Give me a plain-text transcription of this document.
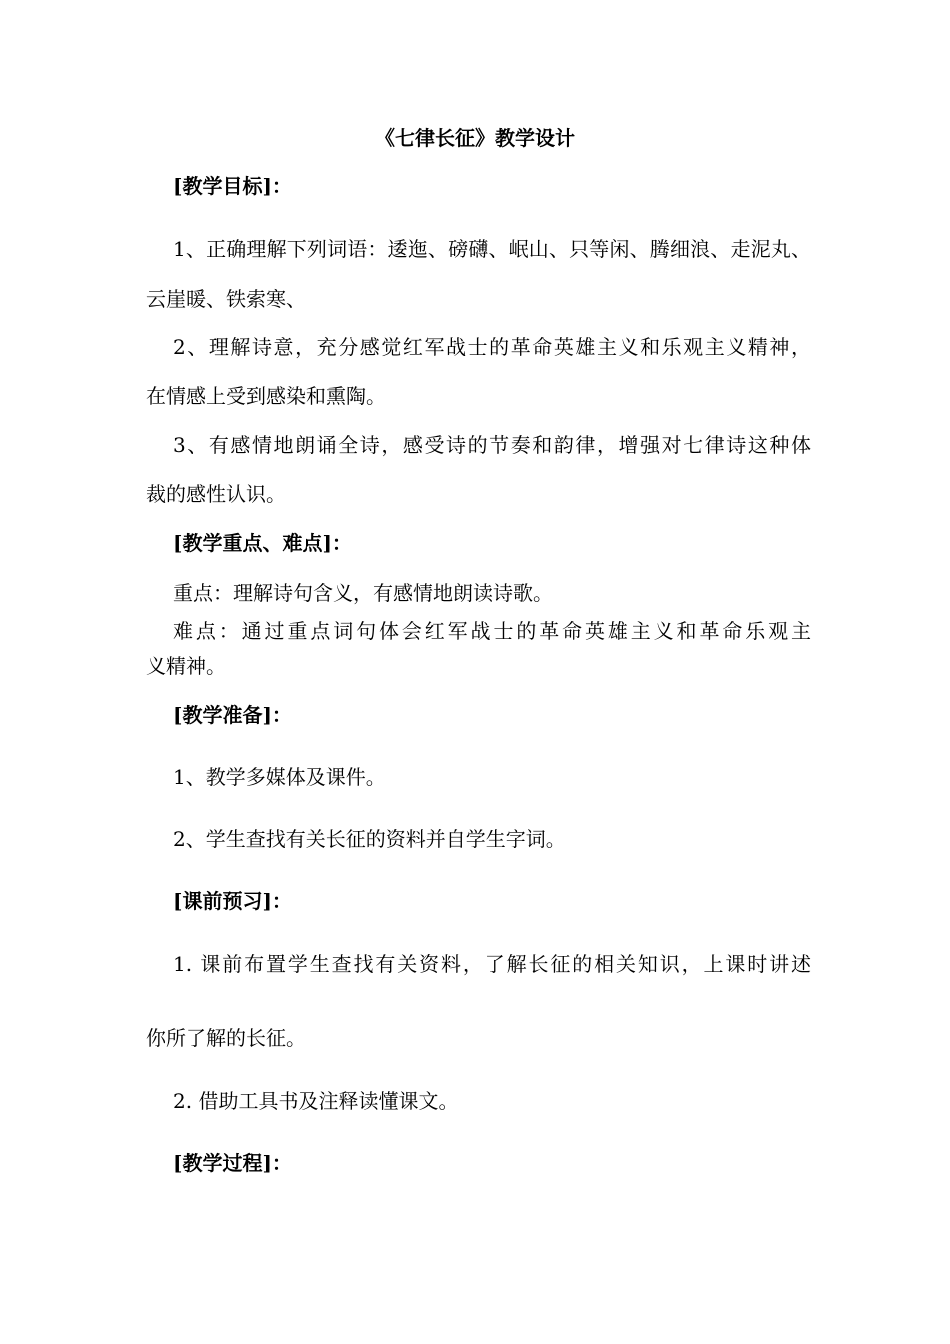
《七律长征》教学设计

[教学目标]：

1、正确理解下列词语：逶迤、磅礴、岷山、只等闲、腾细浪、走泥丸、

云崖暖、铁索寒、

2、理解诗意，充分感觉红军战士的革命英雄主义和乐观主义精神，

在情感上受到感染和熏陶。

3、有感情地朗诵全诗，感受诗的节奏和韵律，增强对七律诗这种体

裁的感性认识。

[教学重点、难点]：

重点：理解诗句含义，有感情地朗读诗歌。

难点：通过重点词句体会红军战士的革命英雄主义和革命乐观主

义精神。

[教学准备]：

1、教学多媒体及课件。

2、学生查找有关长征的资料并自学生字词。

[课前预习]：

1. 课前布置学生查找有关资料，了解长征的相关知识，上课时讲述

你所了解的长征。

2. 借助工具书及注释读懂课文。

[教学过程]：
